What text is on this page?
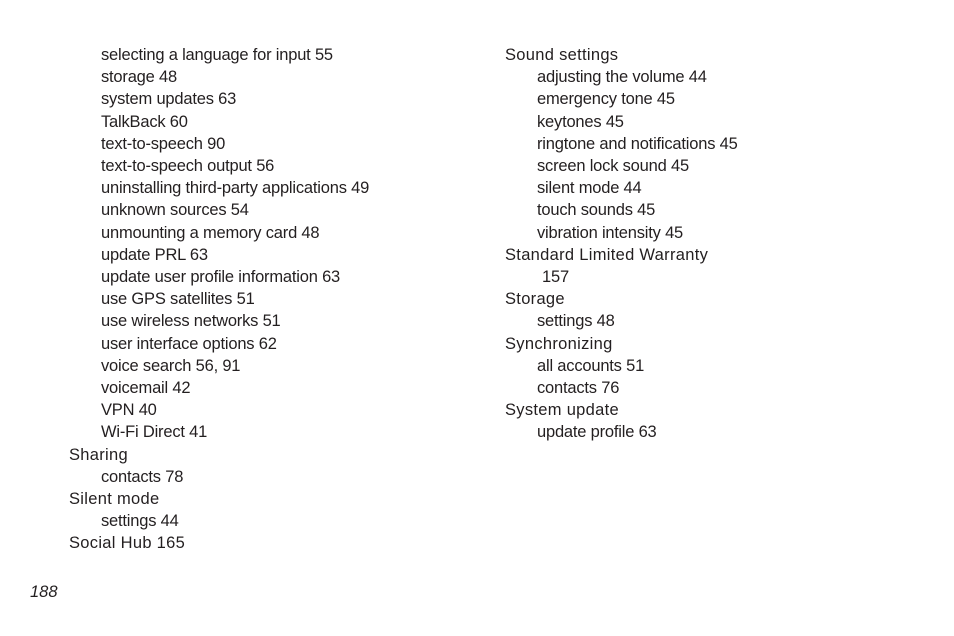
selecting a language for input 55
storage 48
system updates 63
TalkBack 60
text-to-speech 90
text-to-speech output 56
uninstalling third-party applications 49
unknown sources 54
unmounting a memory card 48
update PRL 63
update user profile information 63
use GPS satellites 51
use wireless networks 51
user interface options 62
voice search 56, 91
voicemail 42
VPN 40
Wi-Fi Direct 41
Sharing
contacts 78
Silent mode
settings 44
Social Hub 165
Sound settings
adjusting the volume 44
emergency tone 45
keytones 45
ringtone and notifications 45
screen lock sound 45
silent mode 44
touch sounds 45
vibration intensity 45
Standard Limited Warranty
157
Storage
settings 48
Synchronizing
all accounts 51
contacts 76
System update
update profile 63
188
